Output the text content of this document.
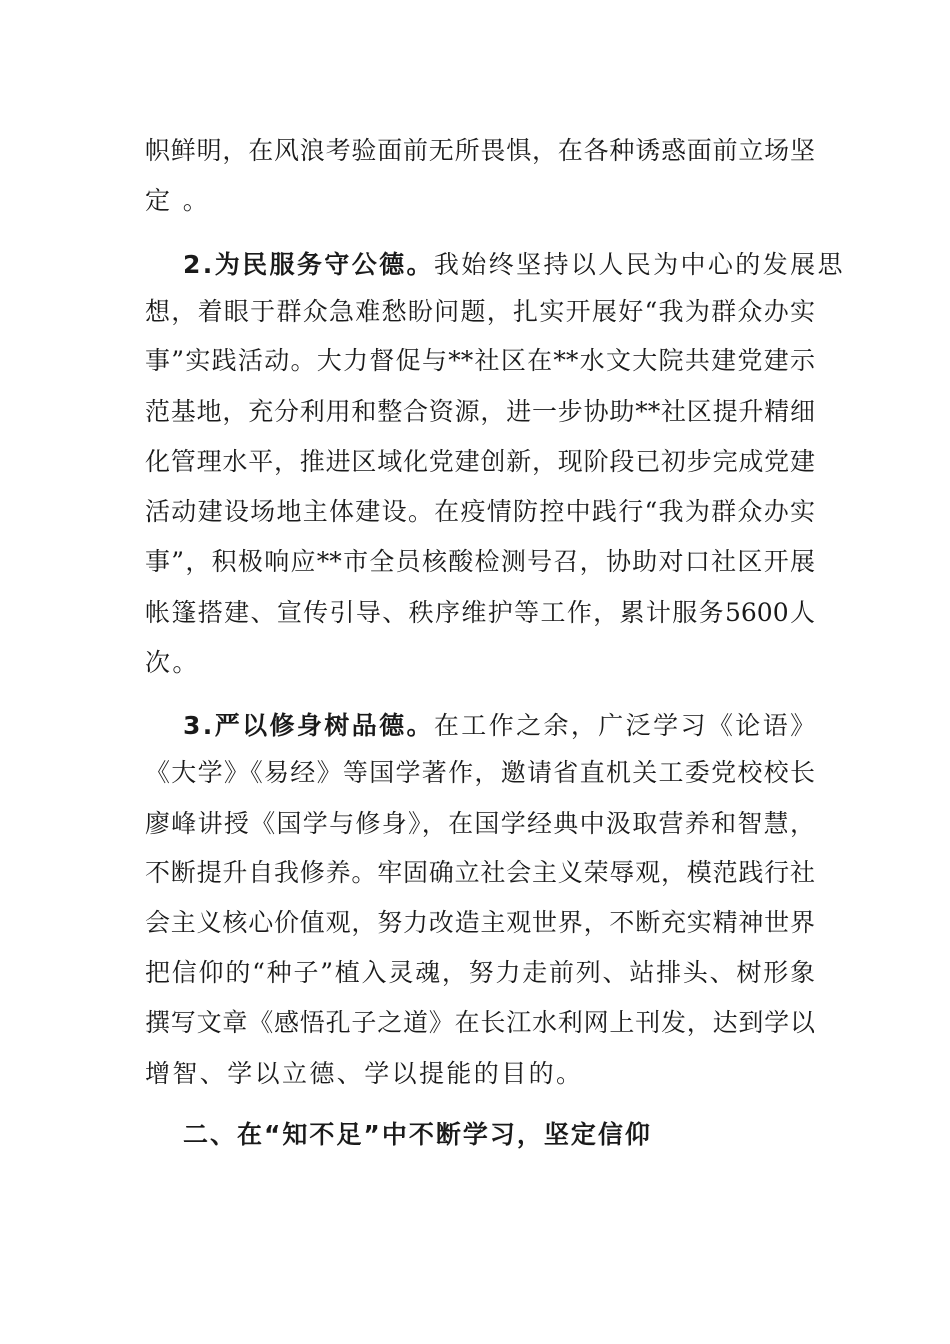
帜鲜明，在风浪考验面前无所畏惧，在各种诱惑面前立场坚
定 。
2.为民服务守公德。我始终坚持以人民为中心的发展思
想，着眼于群众急难愁盼问题，扎实开展好“我为群众办实
事”实践活动。大力督促与**社区在**水文大院共建党建示
范基地，充分利用和整合资源，进一步协助**社区提升精细
化管理水平，推进区域化党建创新，现阶段已初步完成党建
活动建设场地主体建设。在疫情防控中践行“我为群众办实
事”，积极响应**市全员核酸检测号召，协助对口社区开展
帐篷搭建、宣传引导、秩序维护等工作，累计服务5600人
次。
3.严以修身树品德。在工作之余，广泛学习《论语》
《大学》《易经》等国学著作，邀请省直机关工委党校校长
廖峰讲授《国学与修身》，在国学经典中汲取营养和智慧，
不断提升自我修养。牢固确立社会主义荣辱观，模范践行社
会主义核心价值观，努力改造主观世界，不断充实精神世界
把信仰的“种子”植入灵魂，努力走前列、站排头、树形象
撰写文章《感悟孔子之道》在长江水利网上刊发，达到学以
增智、学以立德、学以提能的目的。
二、在“知不足”中不断学习，坚定信仰
